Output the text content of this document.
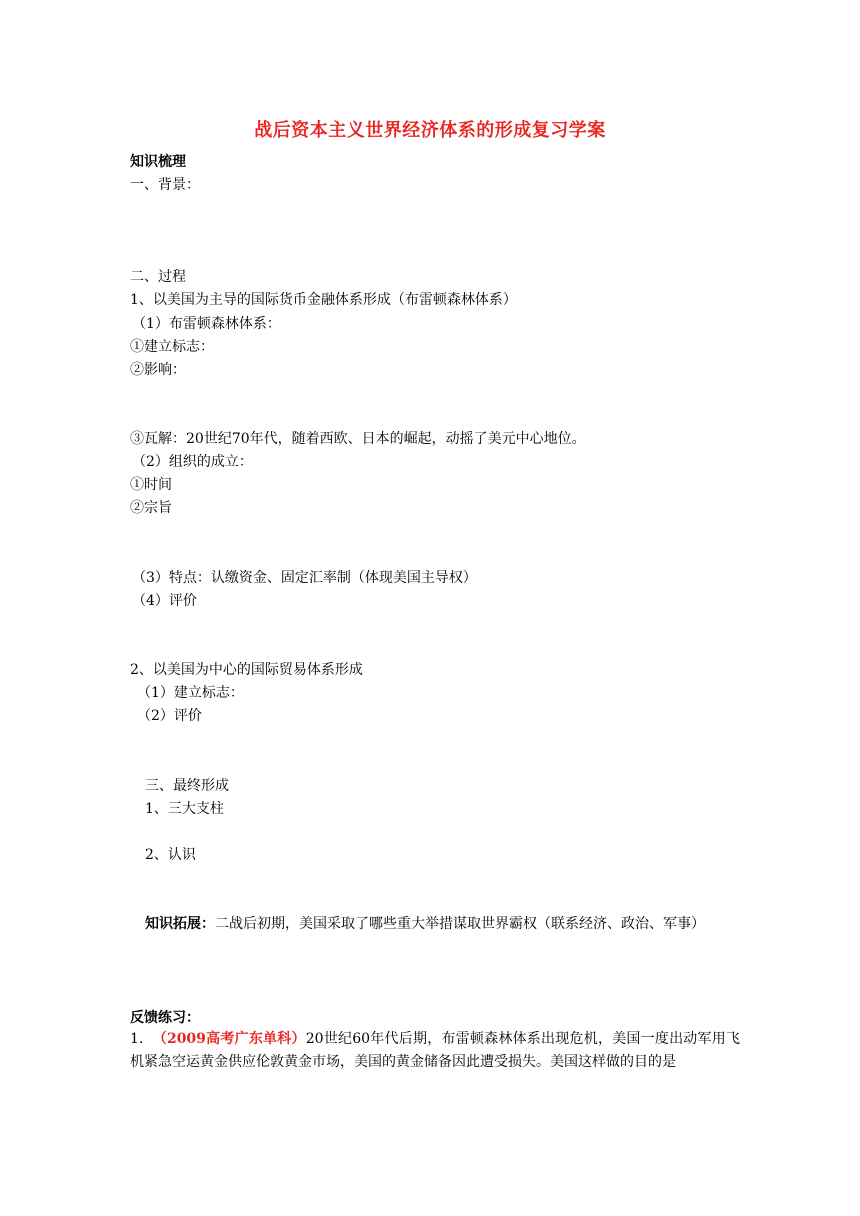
战后资本主义世界经济体系的形成复习学案
知识梳理
一、背景：
二、过程
1、以美国为主导的国际货币金融体系形成（布雷顿森林体系）
（1）布雷顿森林体系：
①建立标志：
②影响：
③瓦解：20世纪70年代，随着西欧、日本的崛起，动摇了美元中心地位。
（2）组织的成立：
①时间
②宗旨
（3）特点：认缴资金、固定汇率制（体现美国主导权）
（4）评价
2、以美国为中心的国际贸易体系形成
（1）建立标志：
（2）评价
三、最终形成
1、三大支柱
2、认识
知识拓展：二战后初期，美国采取了哪些重大举措谋取世界霸权（联系经济、政治、军事）
反馈练习：
1. （2009高考广东单科）20世纪60年代后期，布雷顿森林体系出现危机，美国一度出动军用飞机紧急空运黄金供应伦敦黄金市场，美国的黄金储备因此遭受损失。美国这样做的目的是
